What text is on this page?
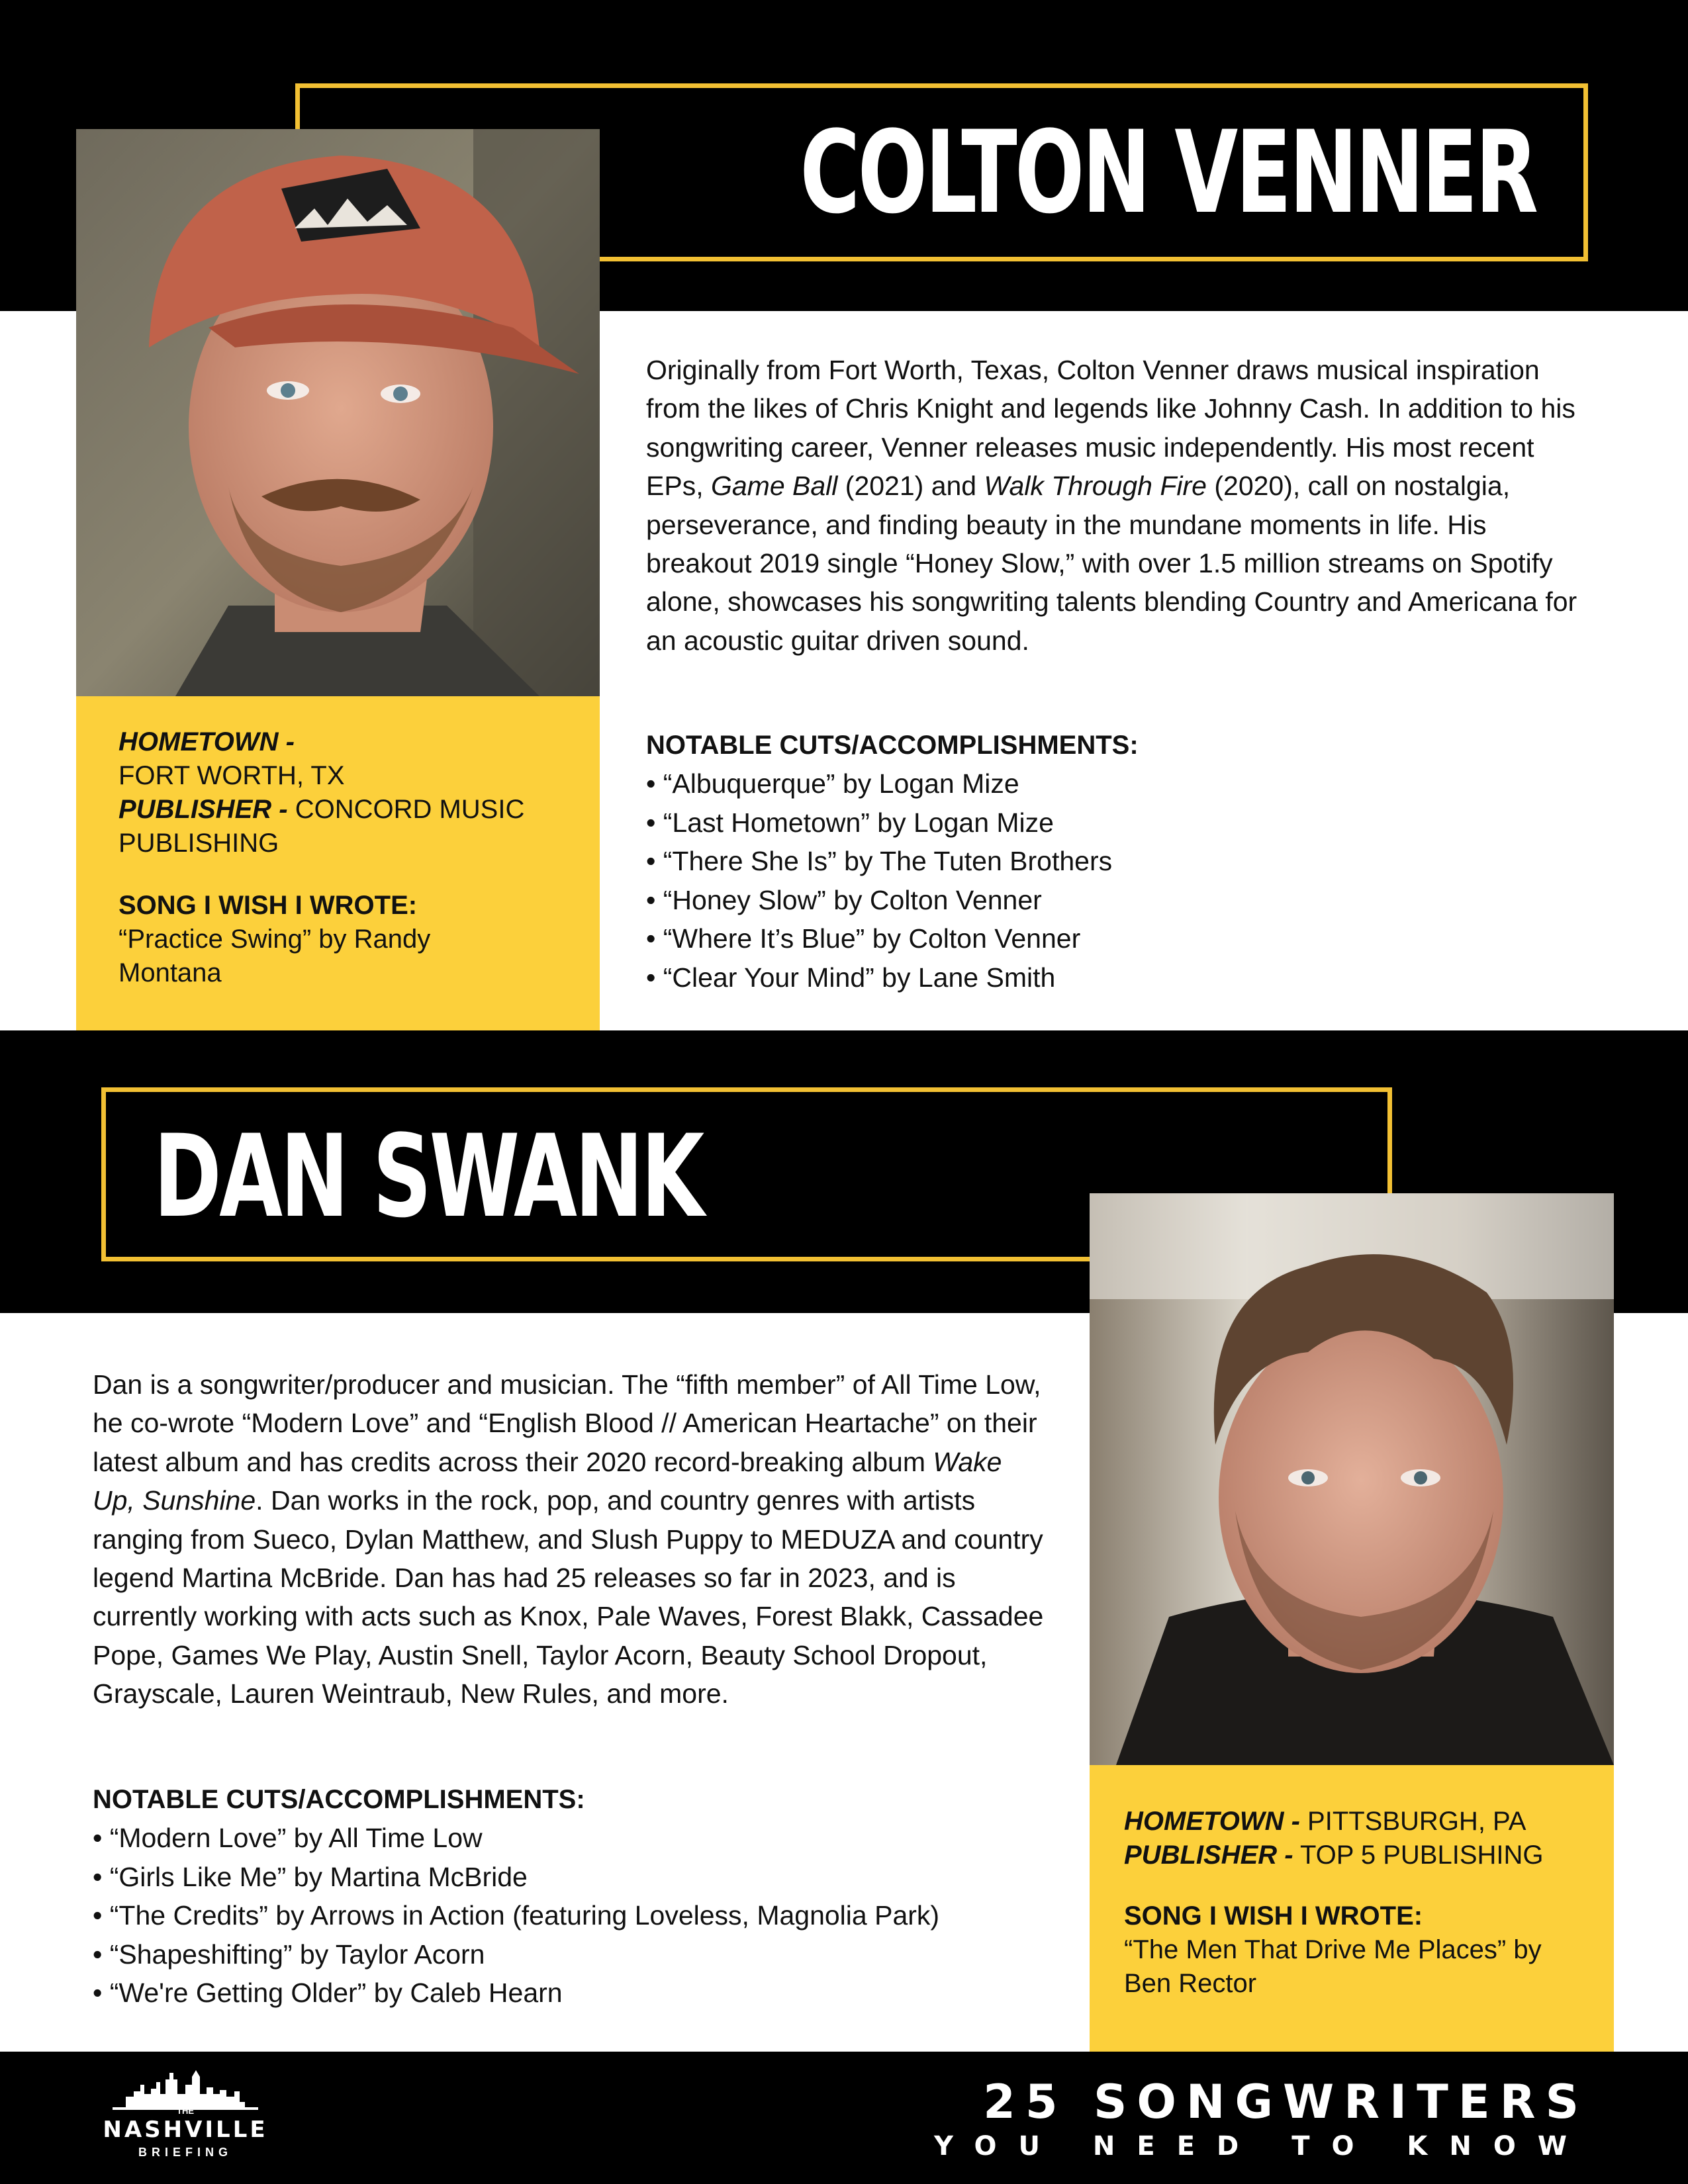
COLTON VENNER
HOMETOWN -
FORT WORTH, TX
PUBLISHER - CONCORD MUSIC PUBLISHING
SONG I WISH I WROTE:
“Practice Swing” by Randy Montana
Originally from Fort Worth, Texas, Colton Venner draws musical inspiration from the likes of Chris Knight and legends like Johnny Cash. In addition to his songwriting career, Venner releases music independently. His most recent EPs, Game Ball (2021) and Walk Through Fire (2020), call on nostalgia, perseverance, and finding beauty in the mundane moments in life. His breakout 2019 single “Honey Slow,” with over 1.5 million streams on Spotify alone, showcases his songwriting talents blending Country and Americana for an acoustic guitar driven sound.
NOTABLE CUTS/ACCOMPLISHMENTS:
• “Albuquerque” by Logan Mize
• “Last Hometown” by Logan Mize
• “There She Is” by The Tuten Brothers
• “Honey Slow” by Colton Venner
• “Where It’s Blue” by Colton Venner
• “Clear Your Mind” by Lane Smith
DAN SWANK
HOMETOWN - PITTSBURGH, PA
PUBLISHER - TOP 5 PUBLISHING
SONG I WISH I WROTE:
“The Men That Drive Me Places” by Ben Rector
Dan is a songwriter/producer and musician. The “fifth member” of All Time Low, he co-wrote “Modern Love” and “English Blood // American Heartache” on their latest album and has credits across their 2020 record-breaking album Wake Up, Sunshine. Dan works in the rock, pop, and country genres with artists ranging from Sueco, Dylan Matthew, and Slush Puppy to MEDUZA and country legend Martina McBride. Dan has had 25 releases so far in 2023, and is currently working with acts such as Knox, Pale Waves, Forest Blakk, Cassadee Pope, Games We Play, Austin Snell, Taylor Acorn, Beauty School Dropout, Grayscale, Lauren Weintraub, New Rules, and more.
NOTABLE CUTS/ACCOMPLISHMENTS:
• “Modern Love” by All Time Low
• “Girls Like Me” by Martina McBride
• “The Credits” by Arrows in Action (featuring Loveless, Magnolia Park)
• “Shapeshifting” by Taylor Acorn
• “We're Getting Older” by Caleb Hearn
THE
NASHVILLE
BRIEFING
25 SONGWRITERS
YOU NEED TO KNOW
